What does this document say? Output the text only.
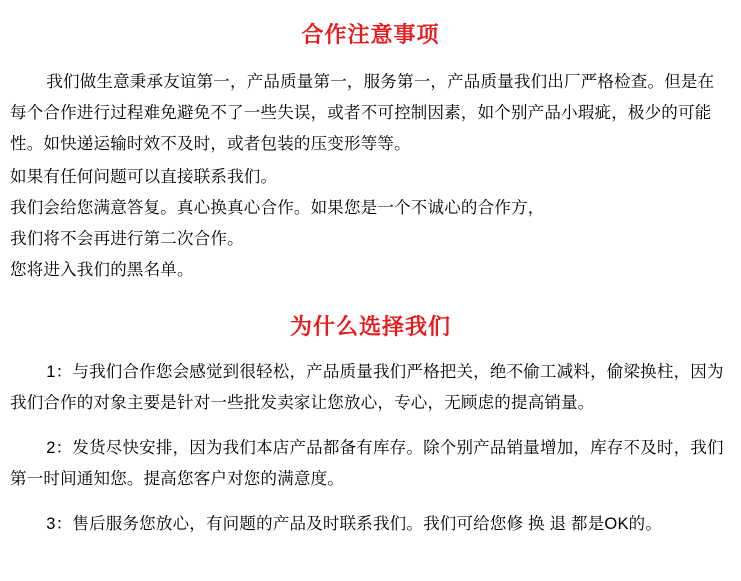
合作注意事项

我们做生意秉承友谊第一，产品质量第一，服务第一，产品质量我们出厂严格检查。但是在每个合作进行过程难免避免不了一些失误，或者不可控制因素，如个别产品小瑕疵，极少的可能性。如快递运输时效不及时，或者包装的压变形等等。

如果有任何问题可以直接联系我们。

我们会给您满意答复。真心换真心合作。如果您是一个不诚心的合作方，

我们将不会再进行第二次合作。

您将进入我们的黑名单。

为什么选择我们

1：与我们合作您会感觉到很轻松，产品质量我们严格把关，绝不偷工减料，偷梁换柱，因为我们合作的对象主要是针对一些批发卖家让您放心，专心，无顾虑的提高销量。

2：发货尽快安排，因为我们本店产品都备有库存。除个别产品销量增加，库存不及时，我们第一时间通知您。提高您客户对您的满意度。

3：售后服务您放心，有问题的产品及时联系我们。我们可给您修 换 退 都是OK的。
